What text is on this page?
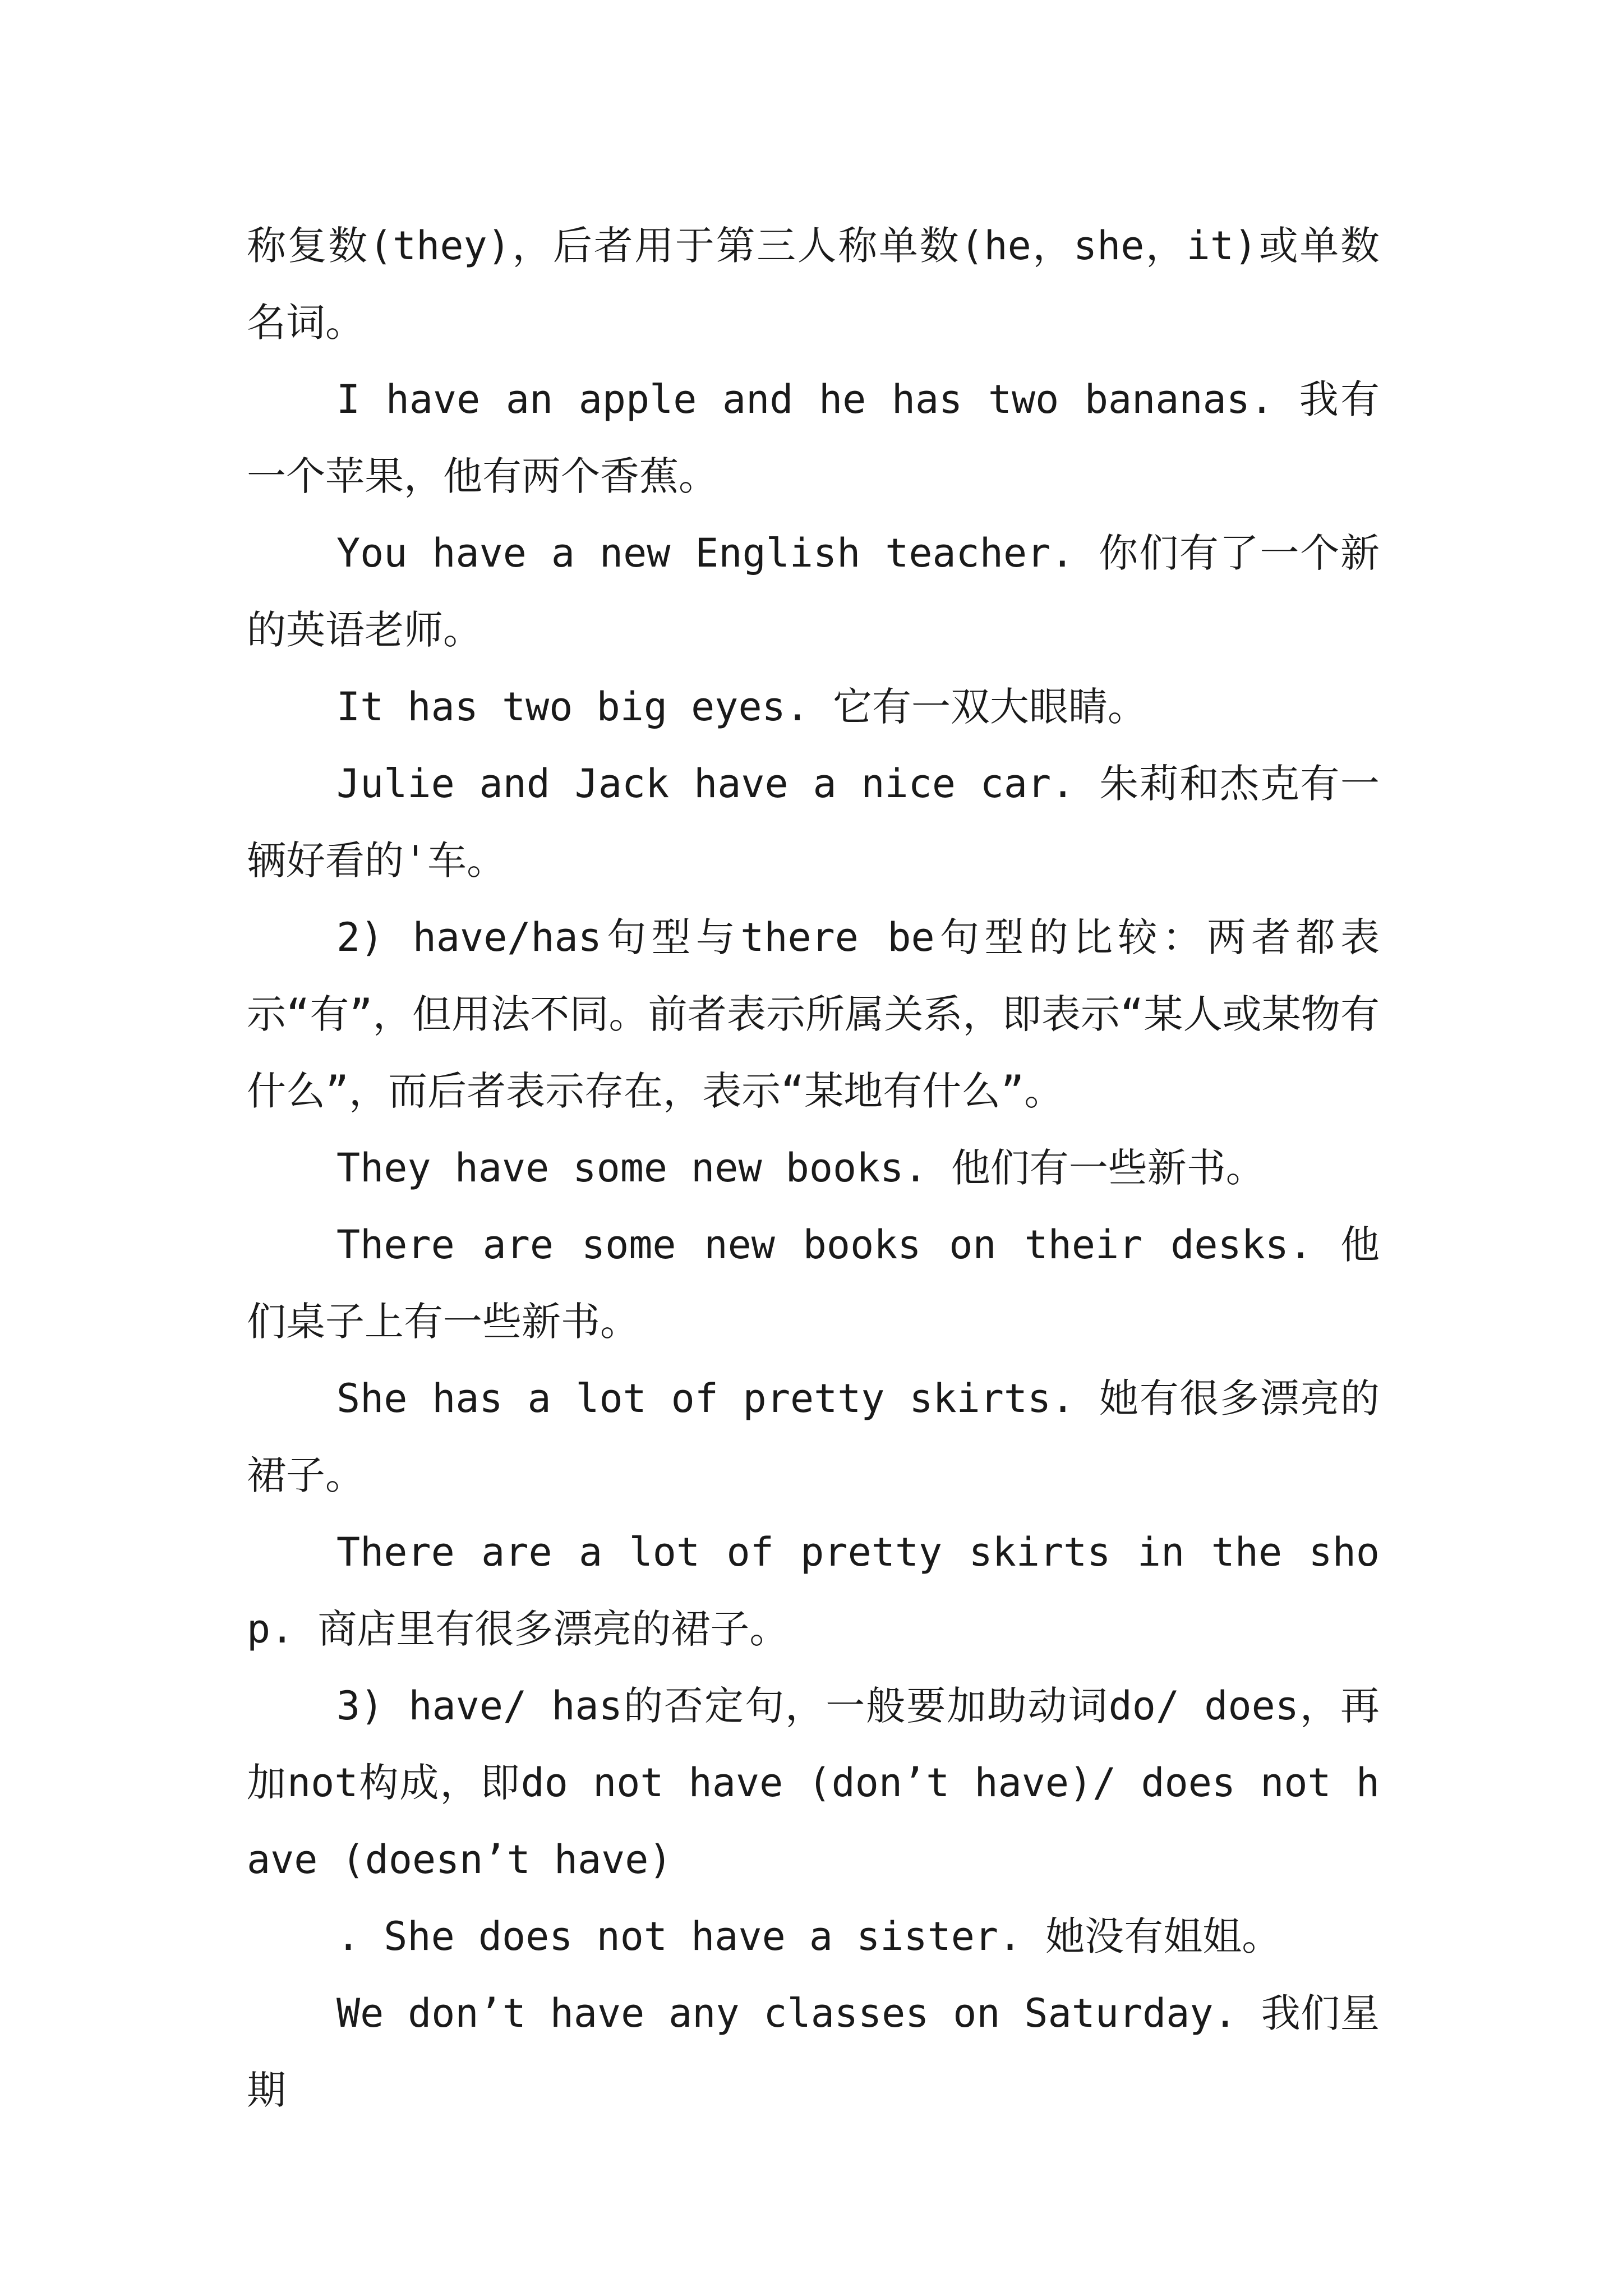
称复数(they)，后者用于第三人称单数(he，she，it)或单数名词。

I have an apple and he has two bananas. 我有一个苹果，他有两个香蕉。

You have a new English teacher. 你们有了一个新的英语老师。

It has two big eyes. 它有一双大眼睛。

Julie and Jack have a nice car. 朱莉和杰克有一辆好看的'车。

2) have/has句型与there be句型的比较：两者都表示“有”，但用法不同。前者表示所属关系，即表示“某人或某物有什么”，而后者表示存在，表示“某地有什么”。

They have some new books. 他们有一些新书。

There are some new books on their desks. 他们桌子上有一些新书。

She has a lot of pretty skirts. 她有很多漂亮的裙子。

There are a lot of pretty skirts in the shop. 商店里有很多漂亮的裙子。

3) have/ has的否定句，一般要加助动词do/ does，再加not构成，即do not have (don’t have)/ does not have (doesn’t have)

. She does not have a sister. 她没有姐姐。

We don’t have any classes on Saturday. 我们星期
